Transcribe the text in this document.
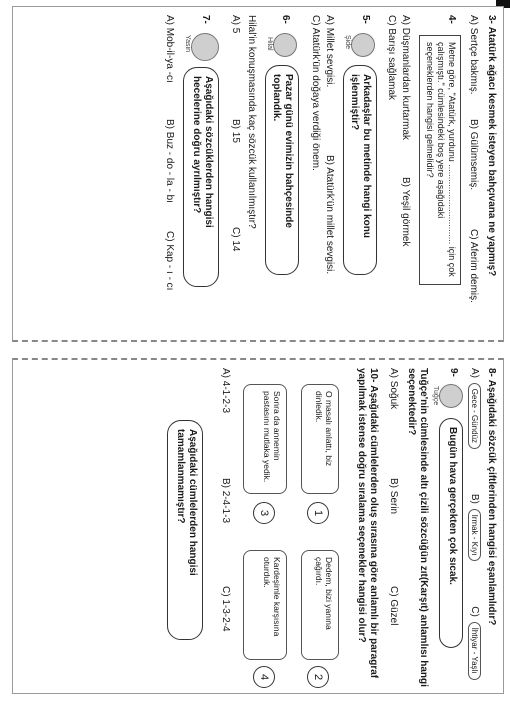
3- Atatürk ağacı kesmek isteyen bahçıvana ne yapmış?
A) Sertçe bakmış.
B) Gülümsemiş.
C) Aferim demiş.
4-
Metne göre, "Atatürk, yurdunu ................................ için çok çalışmıştı." cümlesindeki boş yere aşağıdaki seçeneklerden hangisi gelmelidir?
A) Düşmanlardan kurtarmak
B) Yeşil görmek
C) Barışı sağlamak
5-
Şide
Arkadaşlar bu metinde hangi konu işlenmiştir?
A) Millet sevgisi.
B) Atatürk'ün millet sevgisi.
C) Atatürk'ün doğaya verdiği önem.
6-
Hilal
Pazar günü evimizin bahçesinde toplandık.
Hilal'in konuşmasında kaç sözcük kullanılmıştır?
A) 5
B) 15
C) 14
7-
Yasin
Aşağıdaki sözcüklerden hangisi hecelerine doğru ayrılmıştır?
A) Mob-il-ya -cı
B) Buz - do - la - bı
C) Kap - ı - cı
8- Aşağıdaki sözcük çiftlerinden hangisi eşanlamlıdır?
A) Gece - Gündüz B) Irmak - Kıyı C) İhtiyar - Yaşlı
9-
Tuğçe
Bugün hava gerçekten çok sıcak.
Tuğçe'nin cümlesinde altı çizili sözcüğün zıt(Karşıt) anlamlısı hangi seçenektedir?
A) Soğuk
B) Serin
C) Güzel
10- Aşağıdaki cümlelerden oluş sırasına göre anlamlı bir paragraf yapılmak istense doğru sıralama seçenekler hangisi olur?
O masalı anlattı, biz dinledik.
1
Dedem, bizi yanına çağırdı.
2
Sonra da annemin pastasını mutlaka yedik.
3
Kardeşimle karşısına oturduk.
4
A) 4-1-2-3
B) 2-4-1-3
C) 1-3-2-4
Aşağıdaki cümlelerden hangisi tamamlanmamıştır?
